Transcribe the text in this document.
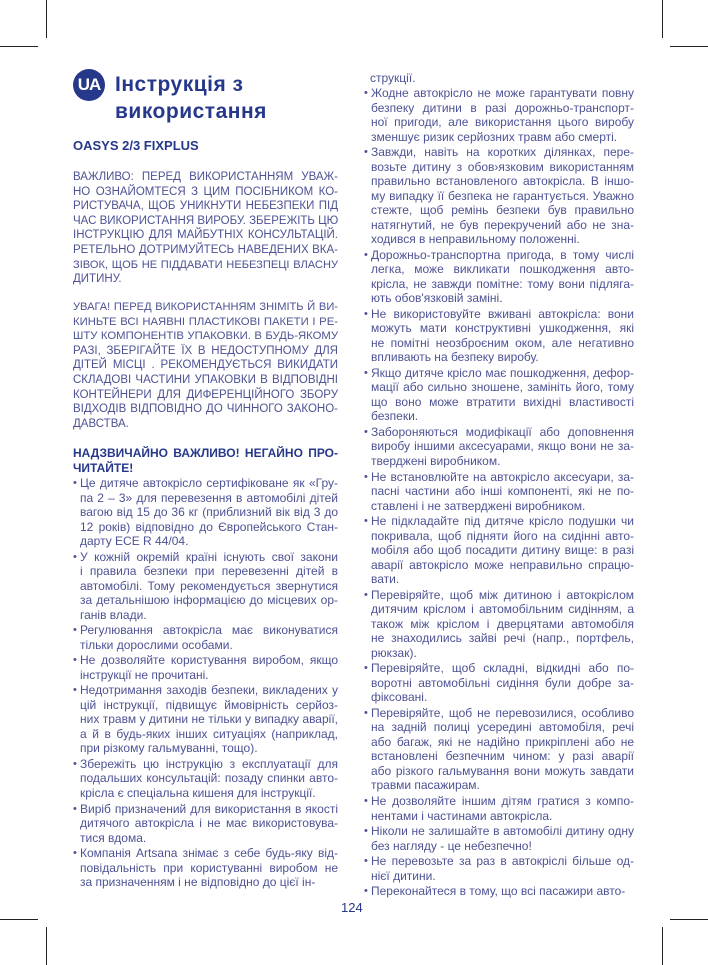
UA Інструкція з
використання
OASYS 2/3 FIXPLUS
ВАЖЛИВО: ПЕРЕД ВИКОРИСТАННЯМ УВАЖ-
НО ОЗНАЙОМТЕСЯ З ЦИМ ПОСІБНИКОМ КО-
РИСТУВАЧА, ЩОБ УНИКНУТИ НЕБЕЗПЕКИ ПІД
ЧАС ВИКОРИСТАННЯ ВИРОБУ. ЗБЕРЕЖІТЬ ЦЮ
ІНСТРУКЦІЮ ДЛЯ МАЙБУТНІХ КОНСУЛЬТАЦІЙ.
РЕТЕЛЬНО ДОТРИМУЙТЕСЬ НАВЕДЕНИХ ВКА-
ЗІВОК, ЩОБ НЕ ПІДДАВАТИ НЕБЕЗПЕЦІ ВЛАСНУ
ДИТИНУ.
УВАГА! ПЕРЕД ВИКОРИСТАННЯМ ЗНІМІТЬ Й ВИ-
КИНЬТЕ ВСІ НАЯВНІ ПЛАСТИКОВІ ПАКЕТИ І РЕ-
ШТУ КОМПОНЕНТІВ УПАКОВКИ. В БУДЬ-ЯКОМУ
РАЗІ, ЗБЕРІГАЙТЕ ЇХ В НЕДОСТУПНОМУ ДЛЯ
ДІТЕЙ МІСЦІ . РЕКОМЕНДУЄТЬСЯ ВИКИДАТИ
СКЛАДОВІ ЧАСТИНИ УПАКОВКИ В ВІДПОВІДНІ
КОНТЕЙНЕРИ ДЛЯ ДИФЕРЕНЦІЙНОГО ЗБОРУ
ВІДХОДІВ ВІДПОВІДНО ДО ЧИННОГО ЗАКОНО-
ДАВСТВА.
НАДЗВИЧАЙНО ВАЖЛИВО! НЕГАЙНО ПРО-
ЧИТАЙТЕ!
• Це дитяче автокрісло сертифіковане як «Гру-
па 2 – 3» для перевезення в автомобілі дітей
вагою від 15 до 36 кг (приблизний вік від 3 до
12 років) відповідно до Європейського Стан-
дарту ECE R 44/04.
• У кожній окремій країні існують свої закони
і правила безпеки при перевезенні дітей в
автомобілі. Тому рекомендується звернутися
за детальнішою інформацією до місцевих ор-
ганів влади.
• Регулювання автокрісла має виконуватися
тільки дорослими особами.
• Не дозволяйте користування виробом, якщо
інструкції не прочитані.
• Недотримання заходів безпеки, викладених у
цій інструкції, підвищує ймовірність серйоз-
них травм у дитини не тільки у випадку аварії,
а й в будь-яких інших ситуаціях (наприклад,
при різкому гальмуванні, тощо).
• Збережіть цю інструкцію з експлуатації для
подальших консультацій: позаду спинки авто-
крісла є спеціальна кишеня для інструкції.
• Виріб призначений для використання в якості
дитячого автокрісла і не має використовува-
тися вдома.
• Компанія Artsana знімає з себе будь-яку від-
повідальність при користуванні виробом не
за призначенням і не відповідно до цієї ін-
струкції.
• Жодне автокрісло не може гарантувати повну
безпеку дитини в разі дорожньо-транспорт-
ної пригоди, але використання цього виробу
зменшує ризик серйозних травм або смерті.
• Завжди, навіть на коротких ділянках, пере-
возьте дитину з обов›язковим використанням
правильно встановленого автокрісла. В іншо-
му випадку її безпека не гарантується. Уважно
стежте, щоб ремінь безпеки був правильно
натягнутий, не був перекручений або не зна-
ходився в неправильному положенні.
• Дорожньо-транспортна пригода, в тому числі
легка, може викликати пошкодження авто-
крісла, не завжди помітне: тому вони підляга-
ють обов'язковій заміні.
• Не використовуйте вживані автокрісла: вони
можуть мати конструктивні ушкодження, які
не помітні неозброєним оком, але негативно
впливають на безпеку виробу.
• Якщо дитяче крісло має пошкодження, дефор-
мації або сильно зношене, замініть його, тому
що воно може втратити вихідні властивості
безпеки.
• Забороняються модифікації або доповнення
виробу іншими аксесуарами, якщо вони не за-
тверджені виробником.
• Не встановлюйте на автокрісло аксесуари, за-
пасні частини або інші компоненті, які не по-
ставлені і не затверджені виробником.
• Не підкладайте під дитяче крісло подушки чи
покривала, щоб підняти його на сидінні авто-
мобіля або щоб посадити дитину вище: в разі
аварії автокрісло може неправильно спрацю-
вати.
• Перевіряйте, щоб між дитиною і автокріслом
дитячим кріслом і автомобільним сидінням, а
також між кріслом і дверцятами автомобіля
не знаходились зайві речі (напр., портфель,
рюкзак).
• Перевіряйте, щоб складні, відкидні або по-
воротні автомобільні сидіння були добре за-
фіксовані.
• Перевіряйте, щоб не перевозилися, особливо
на задній полиці усередині автомобіля, речі
або багаж, які не надійно прикріплені або не
встановлені безпечним чином: у разі аварії
або різкого гальмування вони можуть завдати
травми пасажирам.
• Не дозволяйте іншим дітям гратися з компо-
нентами і частинами автокрісла.
• Ніколи не залишайте в автомобілі дитину одну
без нагляду - це небезпечно!
• Не перевозьте за раз в автокріслі більше од-
нієї дитини.
• Переконайтеся в тому, що всі пасажири авто-
124
